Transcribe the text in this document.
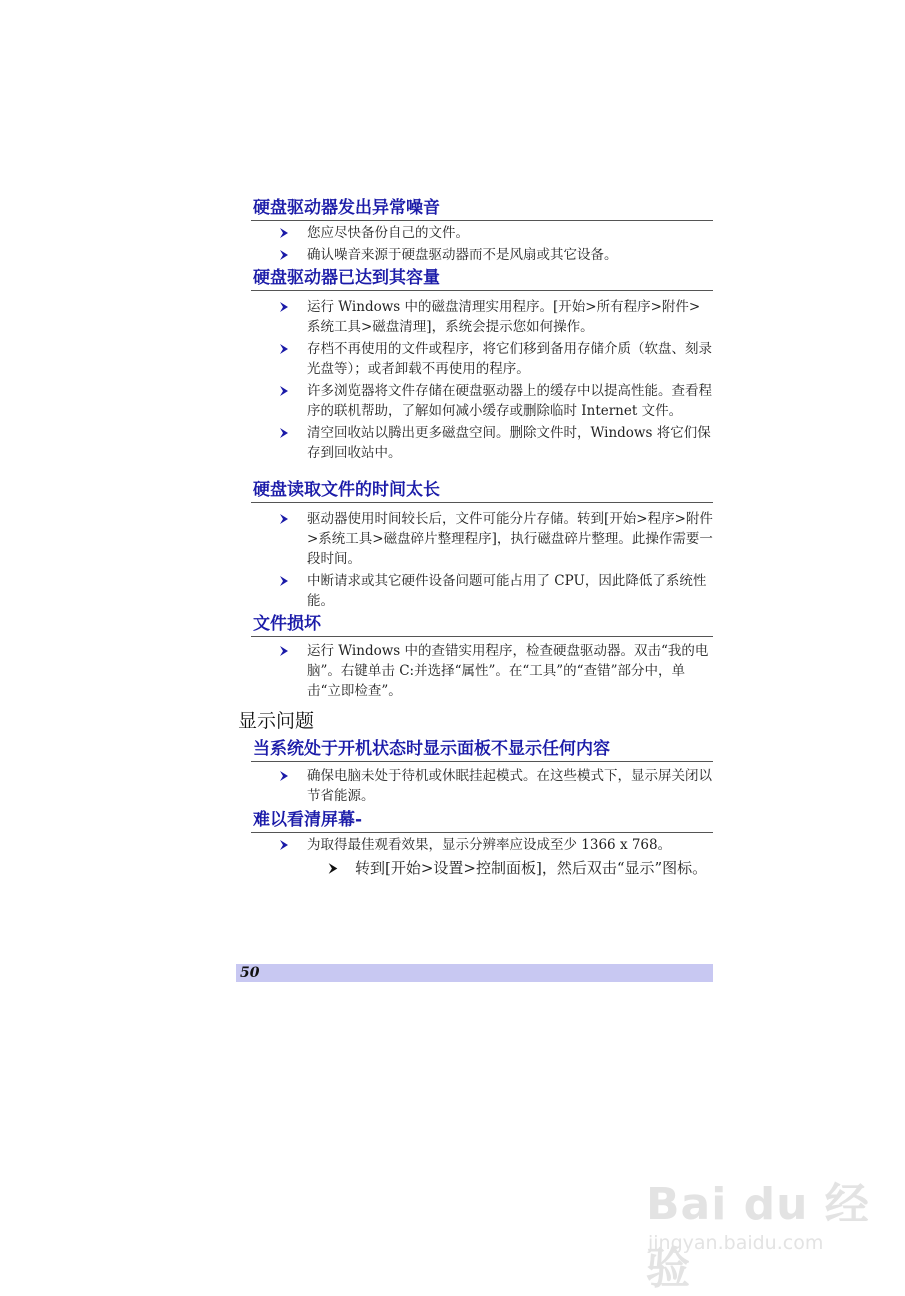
硬盘驱动器发出异常噪音
您应尽快备份自己的文件。
确认噪音来源于硬盘驱动器而不是风扇或其它设备。
硬盘驱动器已达到其容量
运行 Windows 中的磁盘清理实用程序。[开始>所有程序>附件>系统工具>磁盘清理]，系统会提示您如何操作。
存档不再使用的文件或程序，将它们移到备用存储介质（软盘、刻录光盘等）；或者卸载不再使用的程序。
许多浏览器将文件存储在硬盘驱动器上的缓存中以提高性能。查看程序的联机帮助，了解如何减小缓存或删除临时 Internet 文件。
清空回收站以腾出更多磁盘空间。删除文件时，Windows 将它们保存到回收站中。
硬盘读取文件的时间太长
驱动器使用时间较长后，文件可能分片存储。转到[开始>程序>附件>系统工具>磁盘碎片整理程序]，执行磁盘碎片整理。此操作需要一段时间。
中断请求或其它硬件设备问题可能占用了 CPU，因此降低了系统性能。
文件损坏
运行 Windows 中的查错实用程序，检查硬盘驱动器。双击“我的电脑”。右键单击 C:并选择“属性”。在“工具”的“查错”部分中，单击“立即检查”。
显示问题
当系统处于开机状态时显示面板不显示任何内容
确保电脑未处于待机或休眠挂起模式。在这些模式下，显示屏关闭以节省能源。
难以看清屏幕-
为取得最佳观看效果，显示分辨率应设成至少 1366 x 768。
转到[开始>设置>控制面板]，然后双击“显示”图标。
50
Bai du 经验
jingyan.baidu.com
